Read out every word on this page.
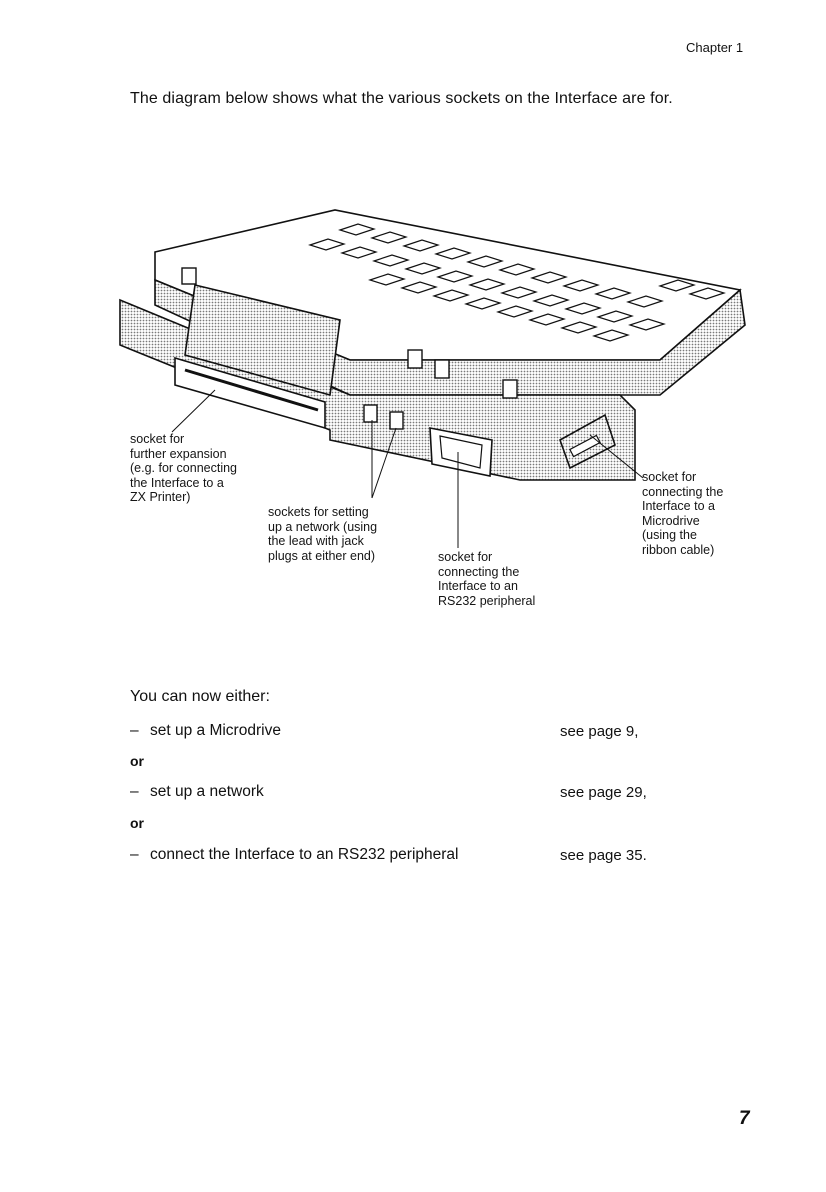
Chapter 1
The diagram below shows what the various sockets on the Interface are for.
socket for
further expansion
(e.g. for connecting
the Interface to a
ZX Printer)
sockets for setting
up a network (using
the lead with jack
plugs at either end)	socket for
connecting the
Interface to an
RS232 peripheral
socket for
connecting the
Interface to a
Microdrive
(using the
ribbon cable)
You can now either:
– set up a Microdrive	see page 9,
or
– set up a network	see page 29,
or
– connect the Interface to an RS232 peripheral	see page 35.
7
